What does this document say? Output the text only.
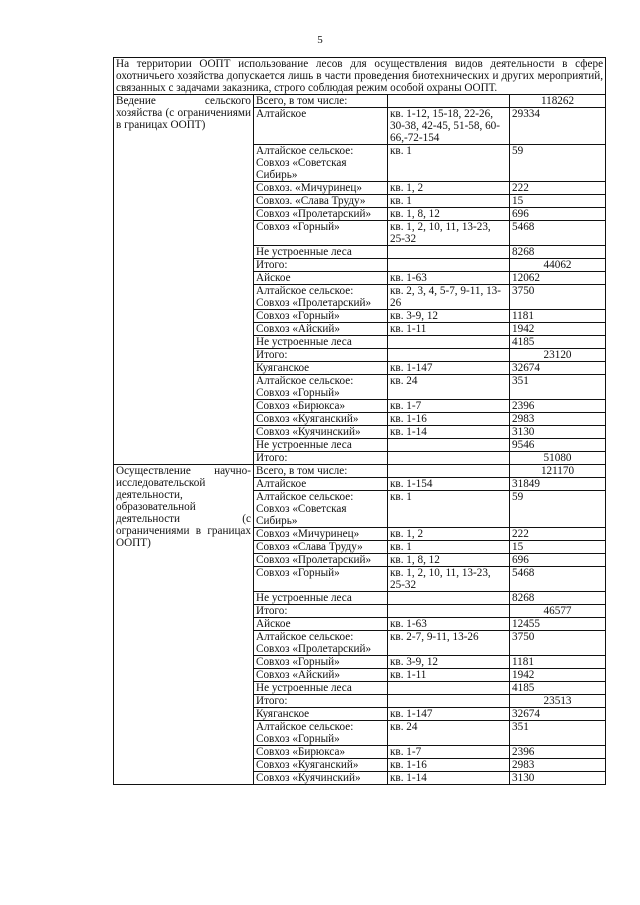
5
На территории ООПТ использование лесов для осуществления видов деятельности в сфере охотничьего хозяйства допускается лишь в части проведения биотехнических и других мероприятий, связанных с задачами заказника, строго соблюдая режим особой охраны ООПТ.			
Ведение сельского хозяйства (с ограничениями в границах ООПТ)	Всего, в том числе:		118262
	Алтайское	кв. 1-12, 15-18, 22-26, 30-38, 42-45, 51-58, 60-66,-72-154	29334
	Алтайское сельское: Совхоз «Советская Сибирь»	кв. 1	59
	Совхоз. «Мичуринец»	кв. 1, 2	222
	Совхоз. «Слава Труду»	кв. 1	15
	Совхоз «Пролетарский»	кв. 1, 8, 12	696
	Совхоз «Горный»	кв. 1, 2, 10, 11, 13-23, 25-32	5468
	Не устроенные леса		8268
	Итого:		44062
	Айское	кв. 1-63	12062
	Алтайское сельское: Совхоз «Пролетарский»	кв. 2, 3, 4, 5-7, 9-11, 13-26	3750
	Совхоз «Горный»	кв. 3-9, 12	1181
	Совхоз «Айский»	кв. 1-11	1942
	Не устроенные леса		4185
	Итого:		23120
	Куяганское	кв. 1-147	32674
	Алтайское сельское: Совхоз «Горный»	кв. 24	351
	Совхоз «Бирюкса»	кв. 1-7	2396
	Совхоз «Куяганский»	кв. 1-16	2983
	Совхоз «Куячинский»	кв. 1-14	3130
	Не устроенные леса		9546
	Итого:		51080
Осуществление научно-исследовательской деятельности, образовательной деятельности (с ограничениями в границах ООПТ)	Всего, в том числе:		121170
	Алтайское	кв. 1-154	31849
	Алтайское сельское: Совхоз «Советская Сибирь»	кв. 1	59
	Совхоз «Мичуринец»	кв. 1, 2	222
	Совхоз «Слава Труду»	кв. 1	15
	Совхоз «Пролетарский»	кв. 1, 8, 12	696
	Совхоз «Горный»	кв. 1, 2, 10, 11, 13-23, 25-32	5468
	Не устроенные леса		8268
	Итого:		46577
	Айское	кв. 1-63	12455
	Алтайское сельское: Совхоз «Пролетарский»	кв. 2-7, 9-11, 13-26	3750
	Совхоз «Горный»	кв. 3-9, 12	1181
	Совхоз «Айский»	кв. 1-11	1942
	Не устроенные леса		4185
	Итого:		23513
	Куяганское	кв. 1-147	32674
	Алтайское сельское: Совхоз «Горный»	кв. 24	351
	Совхоз «Бирюкса»	кв. 1-7	2396
	Совхоз «Куяганский»	кв. 1-16	2983
	Совхоз «Куячинский»	кв. 1-14	3130
